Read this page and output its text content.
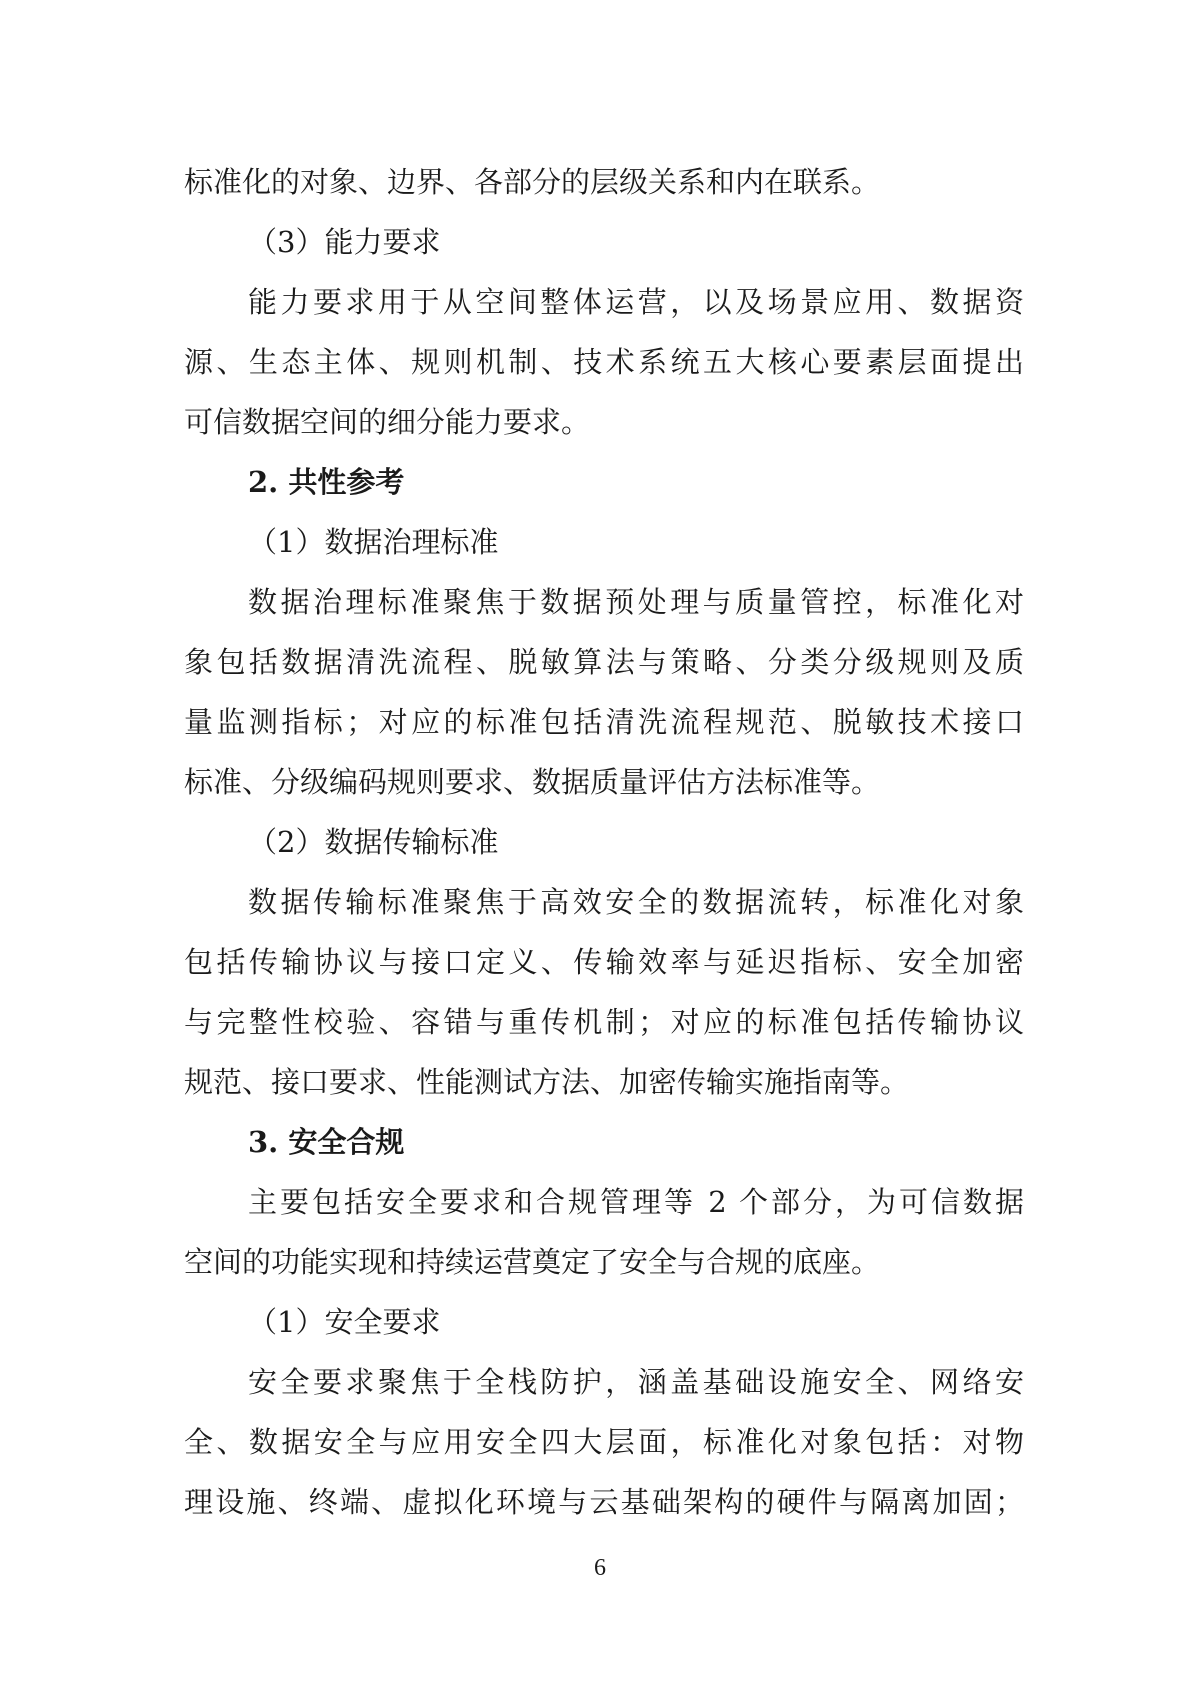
标准化的对象、边界、各部分的层级关系和内在联系。
（3）能力要求
能力要求用于从空间整体运营，以及场景应用、数据资
源、生态主体、规则机制、技术系统五大核心要素层面提出
可信数据空间的细分能力要求。
2. 共性参考
（1）数据治理标准
数据治理标准聚焦于数据预处理与质量管控，标准化对
象包括数据清洗流程、脱敏算法与策略、分类分级规则及质
量监测指标；对应的标准包括清洗流程规范、脱敏技术接口
标准、分级编码规则要求、数据质量评估方法标准等。
（2）数据传输标准
数据传输标准聚焦于高效安全的数据流转，标准化对象
包括传输协议与接口定义、传输效率与延迟指标、安全加密
与完整性校验、容错与重传机制；对应的标准包括传输协议
规范、接口要求、性能测试方法、加密传输实施指南等。
3. 安全合规
主要包括安全要求和合规管理等 2 个部分，为可信数据
空间的功能实现和持续运营奠定了安全与合规的底座。
（1）安全要求
安全要求聚焦于全栈防护，涵盖基础设施安全、网络安
全、数据安全与应用安全四大层面，标准化对象包括：对物
理设施、终端、虚拟化环境与云基础架构的硬件与隔离加固；
6
